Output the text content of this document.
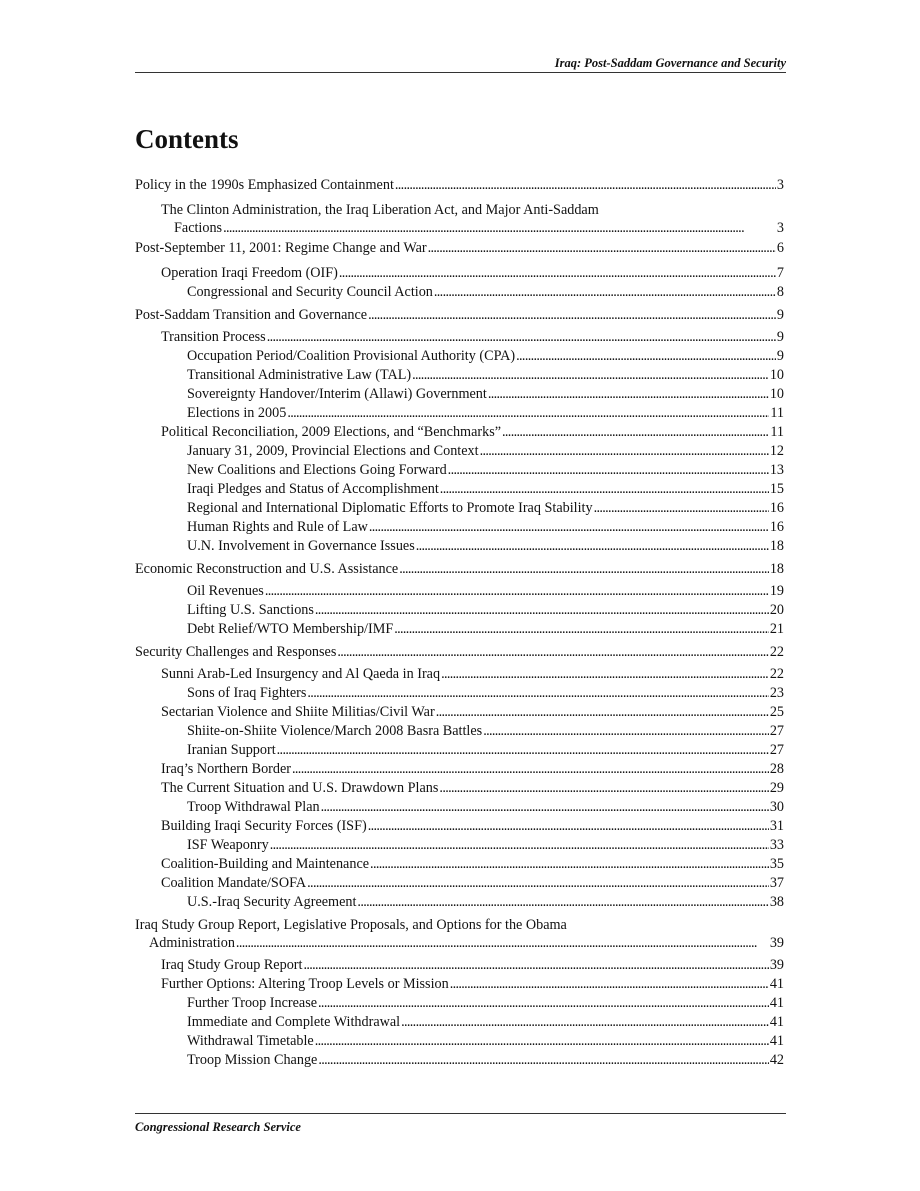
Iraq: Post-Saddam Governance and Security
Contents
Policy in the 1990s Emphasized Containment . . .	3
The Clinton Administration, the Iraq Liberation Act, and Major Anti-Saddam
Factions . . .	3
Post-September 11, 2001: Regime Change and War . . .	6
Operation Iraqi Freedom (OIF) . . .	7
Congressional and Security Council Action . . .	8
Post-Saddam Transition and Governance . . .	9
Transition Process . . .	9
Occupation Period/Coalition Provisional Authority (CPA) . . .	9
Transitional Administrative Law (TAL) . . .	10
Sovereignty Handover/Interim (Allawi) Government . . .	10
Elections in 2005 . . .	11
Political Reconciliation, 2009 Elections, and “Benchmarks” . . .	11
January 31, 2009, Provincial Elections and Context . . .	12
New Coalitions and Elections Going Forward . . .	13
Iraqi Pledges and Status of Accomplishment . . .	15
Regional and International Diplomatic Efforts to Promote Iraq Stability . . .	16
Human Rights and Rule of Law . . .	16
U.N. Involvement in Governance Issues . . .	18
Economic Reconstruction and U.S. Assistance . . .	18
Oil Revenues . . .	19
Lifting U.S. Sanctions . . .	20
Debt Relief/WTO Membership/IMF . . .	21
Security Challenges and Responses . . .	22
Sunni Arab-Led Insurgency and Al Qaeda in Iraq . . .	22
Sons of Iraq Fighters . . .	23
Sectarian Violence and Shiite Militias/Civil War . . .	25
Shiite-on-Shiite Violence/March 2008 Basra Battles . . .	27
Iranian Support . . .	27
Iraq’s Northern Border . . .	28
The Current Situation and U.S. Drawdown Plans . . .	29
Troop Withdrawal Plan . . .	30
Building Iraqi Security Forces (ISF) . . .	31
ISF Weaponry . . .	33
Coalition-Building and Maintenance . . .	35
Coalition Mandate/SOFA . . .	37
U.S.-Iraq Security Agreement . . .	38
Iraq Study Group Report, Legislative Proposals, and Options for the Obama
Administration . . .	39
Iraq Study Group Report . . .	39
Further Options: Altering Troop Levels or Mission . . .	41
Further Troop Increase . . .	41
Immediate and Complete Withdrawal . . .	41
Withdrawal Timetable . . .	41
Troop Mission Change . . .	42
Congressional Research Service
